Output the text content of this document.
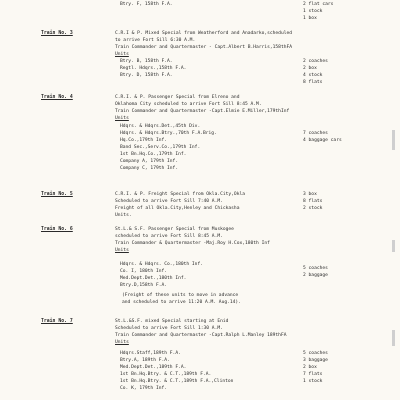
Btry. F, 158th F.A.	2 flat cars
1 stock
1 box
Train No. 3	C.R.I & P. Mixed Special from Weatherford and Anadarko,scheduled
to arrive Fort Sill 6:30 A.M.
Train Commander and Quartermaster - Capt.Albert B.Harris,158thFA
Units
Btry. B, 158th F.A.
Regtl. Hdqrs.,158th F.A.
Btry. D, 158th F.A.
2 coaches
2 box
4 stock
8 flats
Train No. 4	C.R.I. & P. Passenger Special from Elreno and
Oklahoma City scheduled to arrive Fort Sill 8:45 A.M.
Train Commander and Quartermaster -Capt.Elmie E.Miller,179thInf
Units
Hdqrs. & Hdqrs.Det.,45th Div.
Hdqrs. & Hdqrs.Btry.,70th F.A.Brig.
Hq.Co.,179th Inf.
Band Sec.,Serv.Co.,179th Inf.
1st Bn.Hq.Co.,179th Inf.
Company A, 179th Inf.
Company C, 179th Inf.
7 coaches
4 baggage cars
Train No. 5	C.R.I. & P. Freight Special from Okla.City,Okla
Scheduled to arrive Fort Sill 7:40 A.M.
Freight of all Okla.City,Henley and Chickasha
Units.
3 box
8 flats
2 stock
Train No. 6	St.L.& S.F. Passenger Special from Muskogee
scheduled to arrive Fort Sill 8:45 A.M.
Train Commander & Quartermaster -Maj.Roy H.Cox,180th Inf
Units
Hdqrs. & Hdqrs. Co.,180th Inf.
Co. I, 180th Inf.
Med.Dept.Det.,180th Inf.
Btry.D,158th F.A.
(Freight of these units to move in advance
and scheduled to arrive 11:20 A.M. Aug.14).
5 coaches
2 baggage
Train No. 7	St.L.&S.F. mixed Special starting at Enid
Scheduled to arrive Fort Sill 1:30 A.M.
Train Commander and Quartermaster -Capt.Ralph L.Manley 189thFA
Units
Hdqrs.Staff,189th F.A.
Btry.A, 189th F.A.
Med.Dept.Det.,189th F.A.
1st Bn.Hq.Btry. & C.T.,189th F.A.
1st Bn.Hq.Btry. & C.T.,189th F.A.,Clinton
Co. K, 179th Inf.
5 coaches
3 baggage
2 box
7 flats
1 stock
